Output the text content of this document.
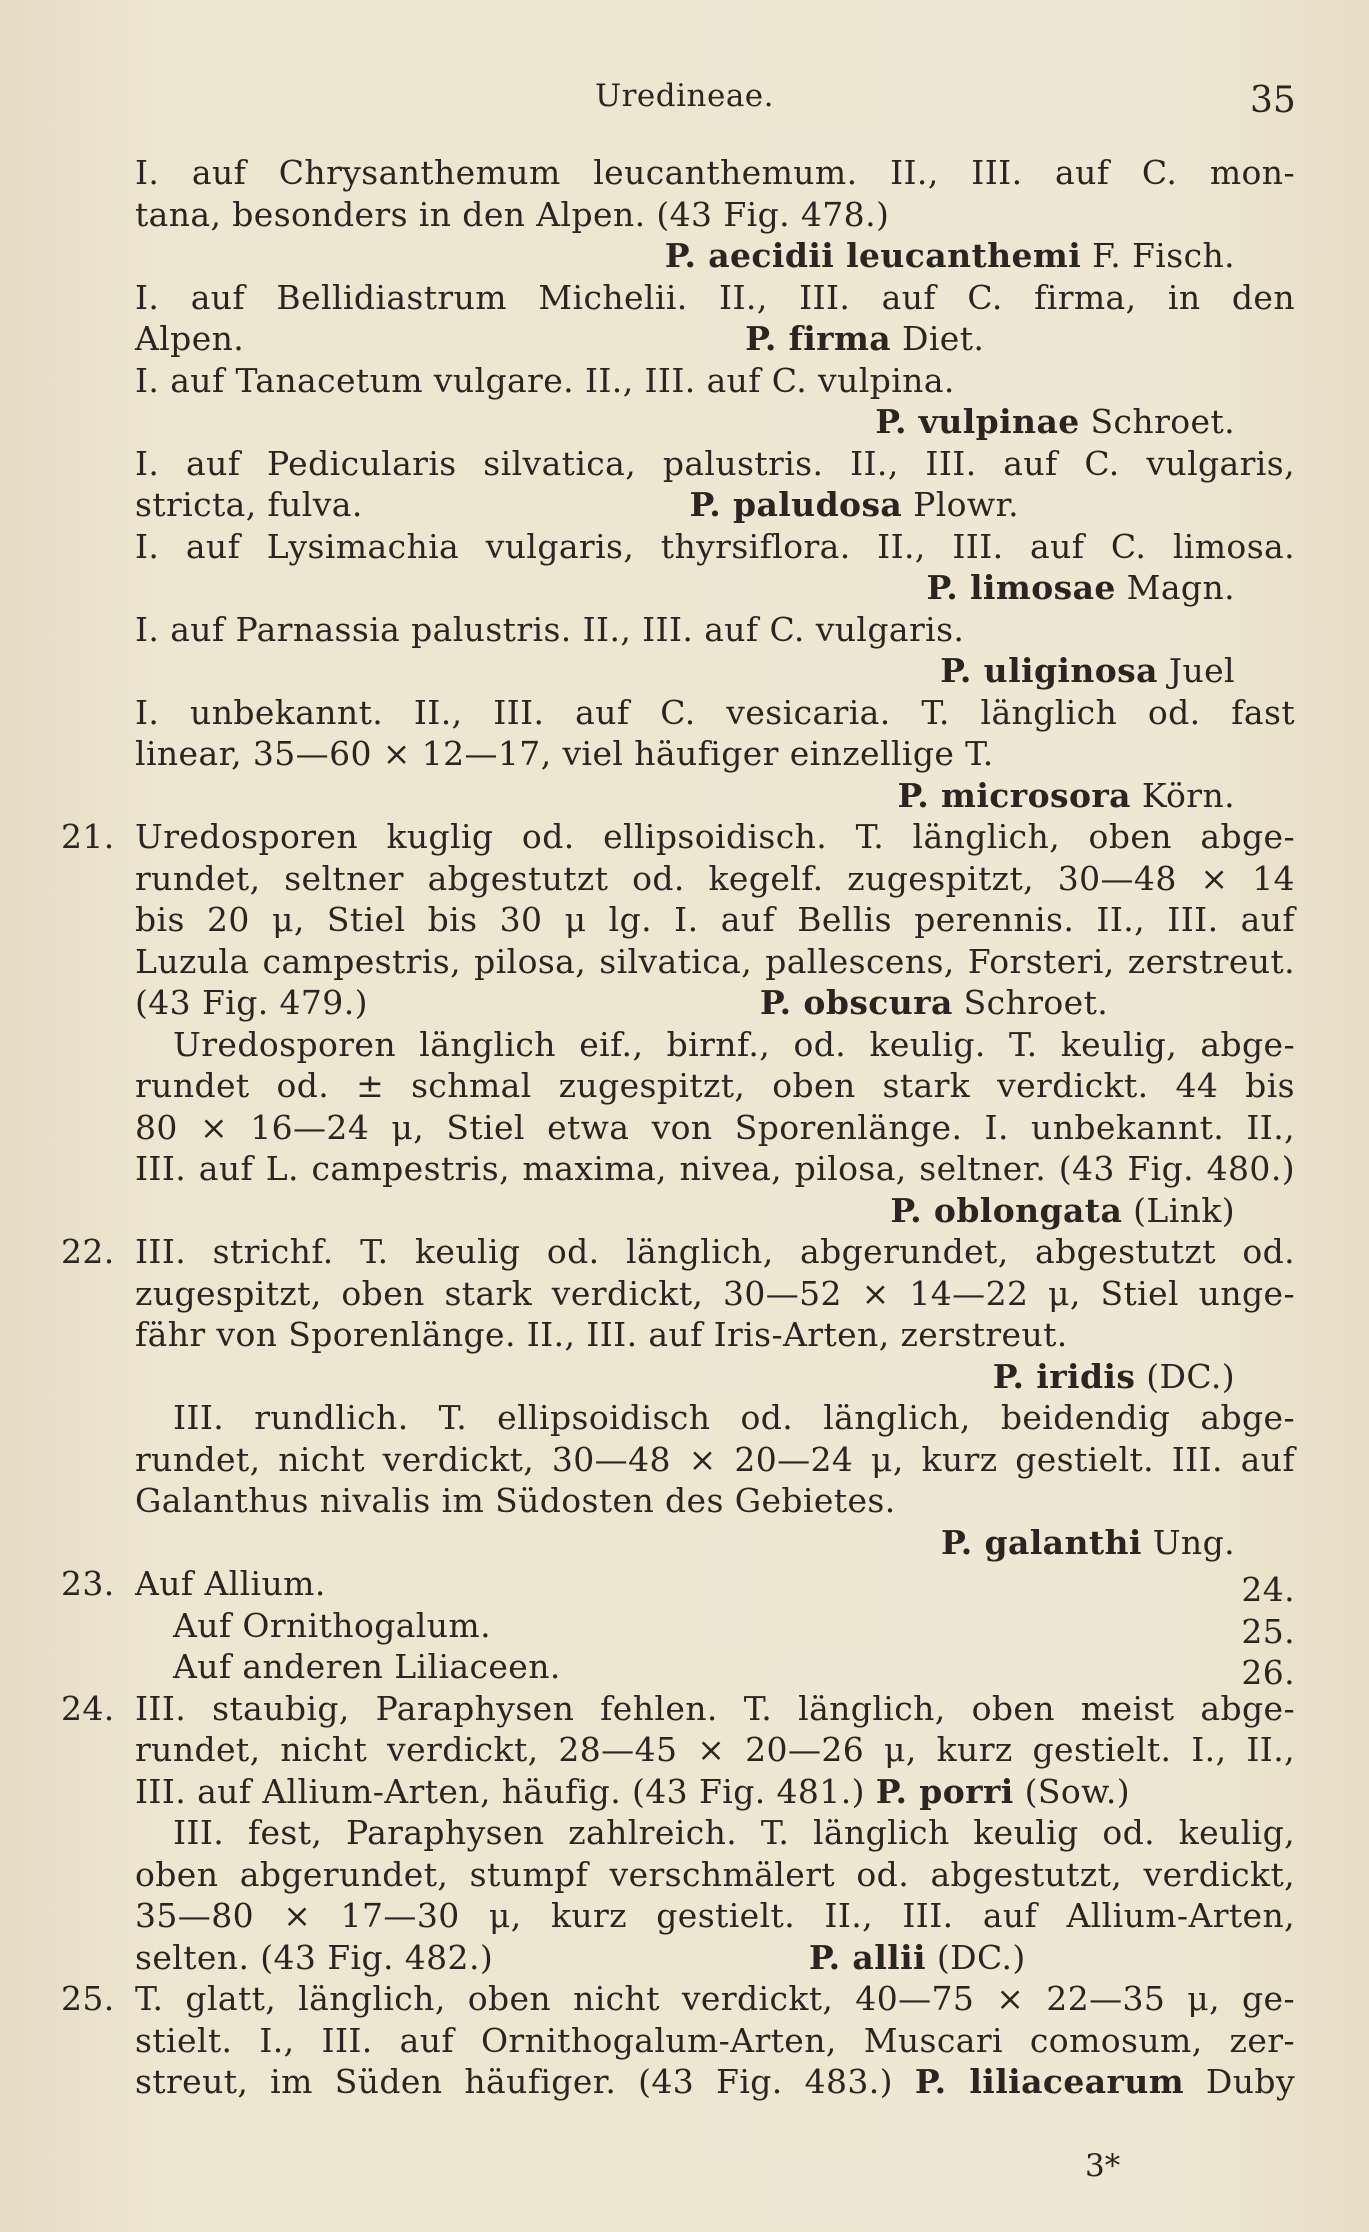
Uredineae.	35
I. auf Chrysanthemum leucanthemum. II., III. auf C. mon-
tana, besonders in den Alpen. (43 Fig. 478.)
P. aecidii leucanthemi F. Fisch.
I. auf Bellidiastrum Michelii. II., III. auf C. firma, in den
Alpen.                                              P. firma Diet.
I. auf Tanacetum vulgare. II., III. auf C. vulpina.
P. vulpinae Schroet.
I. auf Pedicularis silvatica, palustris. II., III. auf C. vulgaris,
stricta, fulva.                              P. paludosa Plowr.
I. auf Lysimachia vulgaris, thyrsiflora. II., III. auf C. limosa.
P. limosae Magn.
I. auf Parnassia palustris. II., III. auf C. vulgaris.
P. uliginosa Juel
I. unbekannt. II., III. auf C. vesicaria. T. länglich od. fast
linear, 35—60 × 12—17, viel häufiger einzellige T.
P. microsora Körn.
21. Uredosporen kuglig od. ellipsoidisch. T. länglich, oben abge-
rundet, seltner abgestutzt od. kegelf. zugespitzt, 30—48 × 14
bis 20 μ, Stiel bis 30 μ lg. I. auf Bellis perennis. II., III. auf
Luzula campestris, pilosa, silvatica, pallescens, Forsteri, zerstreut.
(43 Fig. 479.)                                    P. obscura Schroet.
Uredosporen länglich eif., birnf., od. keulig. T. keulig, abge-
rundet od. ± schmal zugespitzt, oben stark verdickt. 44 bis
80 × 16—24 μ, Stiel etwa von Sporenlänge. I. unbekannt. II.,
III. auf L. campestris, maxima, nivea, pilosa, seltner. (43 Fig. 480.)
P. oblongata (Link)
22. III. strichf. T. keulig od. länglich, abgerundet, abgestutzt od.
zugespitzt, oben stark verdickt, 30—52 × 14—22 μ, Stiel unge-
fähr von Sporenlänge. II., III. auf Iris-Arten, zerstreut.
P. iridis (DC.)
III. rundlich. T. ellipsoidisch od. länglich, beidendig abge-
rundet, nicht verdickt, 30—48 × 20—24 μ, kurz gestielt. III. auf
Galanthus nivalis im Südosten des Gebietes.
P. galanthi Ung.
23. Auf Allium.	24.
Auf Ornithogalum.	25.
Auf anderen Liliaceen.	26.
24. III. staubig, Paraphysen fehlen. T. länglich, oben meist abge-
rundet, nicht verdickt, 28—45 × 20—26 μ, kurz gestielt. I., II.,
III. auf Allium-Arten, häufig. (43 Fig. 481.) P. porri (Sow.)
III. fest, Paraphysen zahlreich. T. länglich keulig od. keulig,
oben abgerundet, stumpf verschmälert od. abgestutzt, verdickt,
35—80 × 17—30 μ, kurz gestielt. II., III. auf Allium-Arten,
selten. (43 Fig. 482.)                             P. allii (DC.)
25. T. glatt, länglich, oben nicht verdickt, 40—75 × 22—35 μ, ge-
stielt. I., III. auf Ornithogalum-Arten, Muscari comosum, zer-
streut, im Süden häufiger. (43 Fig. 483.) P. liliacearum Duby
3*
